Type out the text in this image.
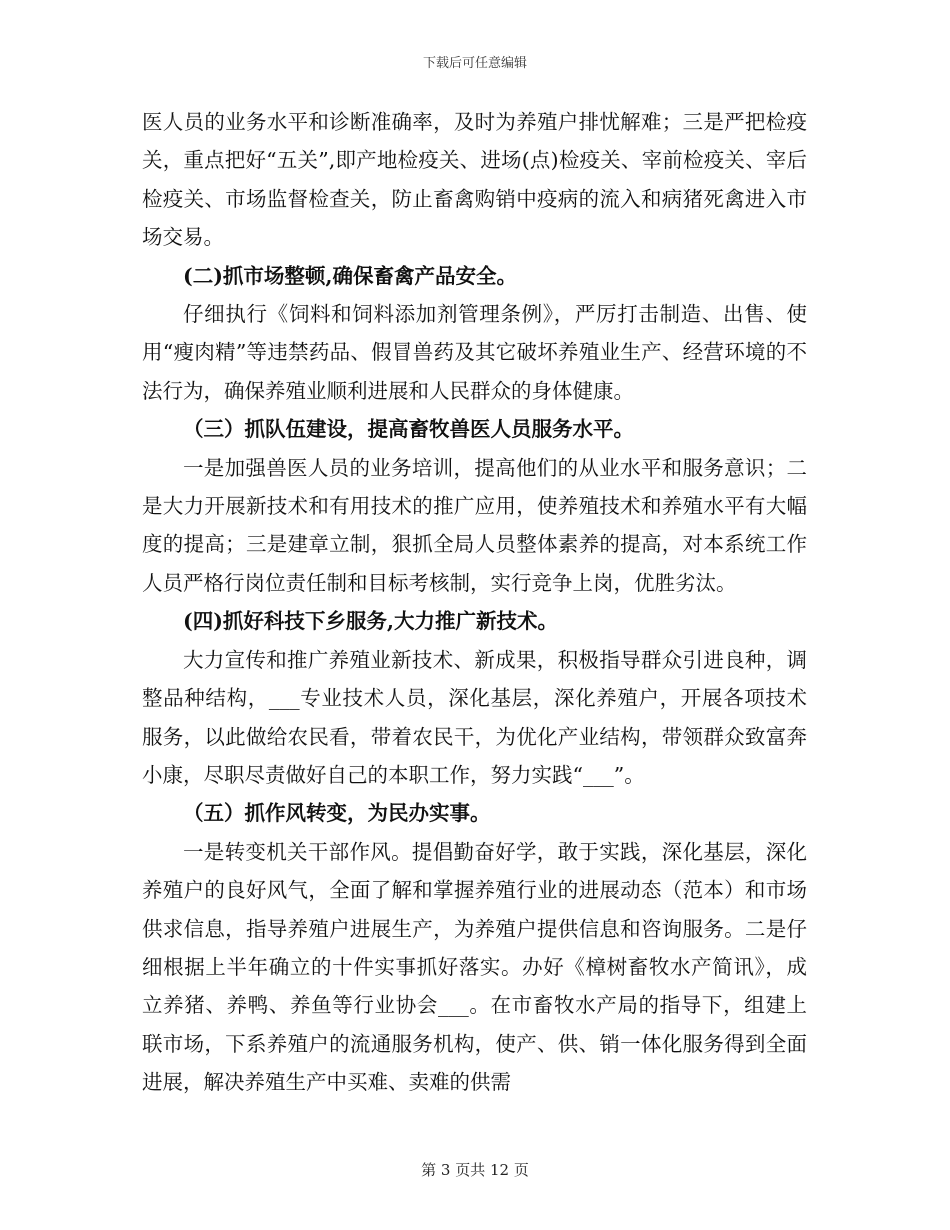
下载后可任意编辑

医人员的业务水平和诊断准确率，及时为养殖户排忧解难；三是严把检疫关，重点把好“五关”,即产地检疫关、进场(点)检疫关、宰前检疫关、宰后检疫关、市场监督检查关，防止畜禽购销中疫病的流入和病猪死禽进入市场交易。

(二)抓市场整顿,确保畜禽产品安全。

仔细执行《饲料和饲料添加剂管理条例》，严厉打击制造、出售、使用“瘦肉精”等违禁药品、假冒兽药及其它破坏养殖业生产、经营环境的不法行为，确保养殖业顺利进展和人民群众的身体健康。

（三）抓队伍建设，提高畜牧兽医人员服务水平。

一是加强兽医人员的业务培训，提高他们的从业水平和服务意识；二是大力开展新技术和有用技术的推广应用，使养殖技术和养殖水平有大幅度的提高；三是建章立制，狠抓全局人员整体素养的提高，对本系统工作人员严格行岗位责任制和目标考核制，实行竞争上岗，优胜劣汰。

(四)抓好科技下乡服务,大力推广新技术。

大力宣传和推广养殖业新技术、新成果，积极指导群众引进良种，调整品种结构，___专业技术人员，深化基层，深化养殖户，开展各项技术服务，以此做给农民看，带着农民干，为优化产业结构，带领群众致富奔小康，尽职尽责做好自己的本职工作，努力实践“___”。

（五）抓作风转变，为民办实事。

一是转变机关干部作风。提倡勤奋好学，敢于实践，深化基层，深化养殖户的良好风气，全面了解和掌握养殖行业的进展动态（范本）和市场供求信息，指导养殖户进展生产，为养殖户提供信息和咨询服务。二是仔细根据上半年确立的十件实事抓好落实。办好《樟树畜牧水产简讯》，成立养猪、养鸭、养鱼等行业协会___。在市畜牧水产局的指导下，组建上联市场，下系养殖户的流通服务机构，使产、供、销一体化服务得到全面进展，解决养殖生产中买难、卖难的供需

第 3 页共 12 页
